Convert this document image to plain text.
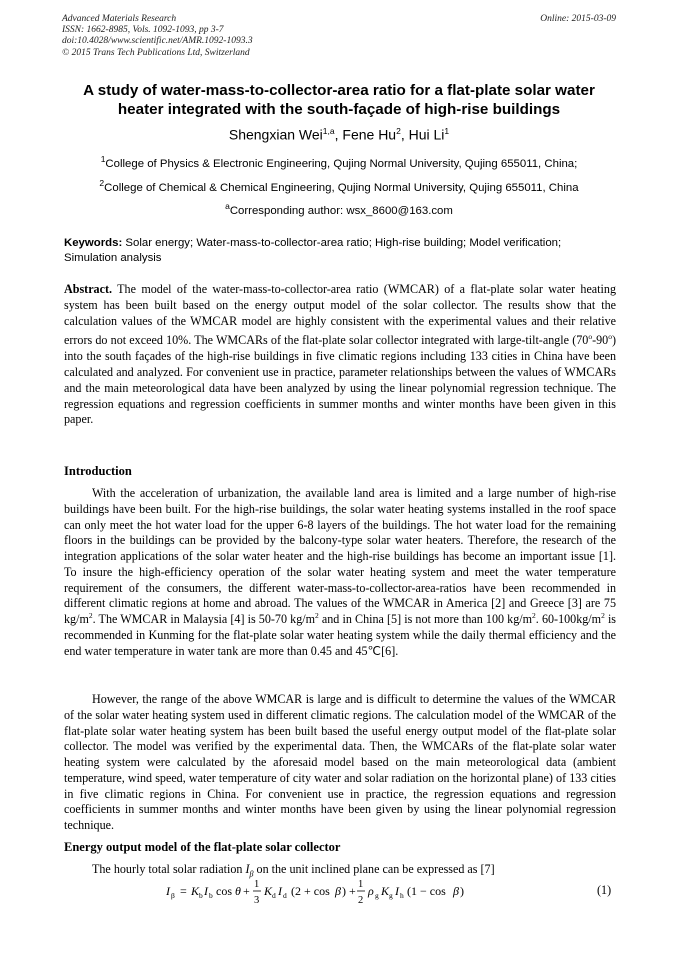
Advanced Materials Research
ISSN: 1662-8985, Vols. 1092-1093, pp 3-7
doi:10.4028/www.scientific.net/AMR.1092-1093.3
© 2015 Trans Tech Publications Ltd, Switzerland
Online: 2015-03-09
A study of water-mass-to-collector-area ratio for a flat-plate solar water
heater integrated with the south-façade of high-rise buildings
Shengxian Wei$^{1,a}$, Fene Hu$^2$, Hui Li$^1$
$^1$College of Physics & Electronic Engineering, Qujing Normal University, Qujing 655011, China;
$^2$College of Chemical & Chemical Engineering, Qujing Normal University, Qujing 655011, China
$^a$Corresponding author: wsx_8600@163.com
Keywords: Solar energy; Water-mass-to-collector-area ratio; High-rise building; Model verification; Simulation analysis
Abstract. The model of the water-mass-to-collector-area ratio (WMCAR) of a flat-plate solar water heating system has been built based on the energy output model of the solar collector. The results show that the calculation values of the WMCAR model are highly consistent with the experimental values and their relative errors do not exceed 10%. The WMCARs of the flat-plate solar collector integrated with large-tilt-angle (70$^o$-90$^o$) into the south façades of the high-rise buildings in five climatic regions including 133 cities in China have been calculated and analyzed. For convenient use in practice, parameter relationships between the values of WMCARs and the main meteorological data have been analyzed by using the linear polynomial regression technique. The regression equations and regression coefficients in summer months and winter months have been given in this paper.
Introduction
With the acceleration of urbanization, the available land area is limited and a large number of high-rise buildings have been built. For the high-rise buildings, the solar water heating systems installed in the roof space can only meet the hot water load for the upper 6-8 layers of the buildings. The hot water load for the remaining floors in the buildings can be provided by the balcony-type solar water heaters. Therefore, the research of the integration applications of the solar water heater and the high-rise buildings has become an important issue [1]. To insure the high-efficiency operation of the solar water heating system and meet the water temperature requirement of the consumers, the different water-mass-to-collector-area-ratios have been recommended in different climatic regions at home and abroad. The values of the WMCAR in America [2] and Greece [3] are 75 $kg/m^2$. The WMCAR in Malaysia [4] is 50-70 $kg/m^2$ and in China [5] is not more than 100 $kg/m^2$. $60-100kg/m^2$ is recommended in Kunming for the flat-plate solar water heating system while the daily thermal efficiency and the end water temperature in water tank are more than 0.45 and 45℃[6].
However, the range of the above WMCAR is large and is difficult to determine the values of the WMCAR of the solar water heating system used in different climatic regions. The calculation model of the WMCAR of the flat-plate solar water heating system has been built based the useful energy output model of the flat-plate solar collector. The model was verified by the experimental data. Then, the WMCARs of the flat-plate solar water heating system were calculated by the aforesaid model based on the main meteorological data (ambient temperature, wind speed, water temperature of city water and solar radiation on the horizontal plane) of 133 cities in five climatic regions in China. For convenient use in practice, the regression equations and regression coefficients in summer months and winter months have been given by using the linear polynomial regression technique.
Energy output model of the flat-plate solar collector
The hourly total solar radiation $I_\beta$ on the unit inclined plane can be expressed as [7]
I β = K b I b cos θ + 1
3
K d I d (2 + cos β ) + 1
2
ρ g K g I h (1 − cos β )	(1)
